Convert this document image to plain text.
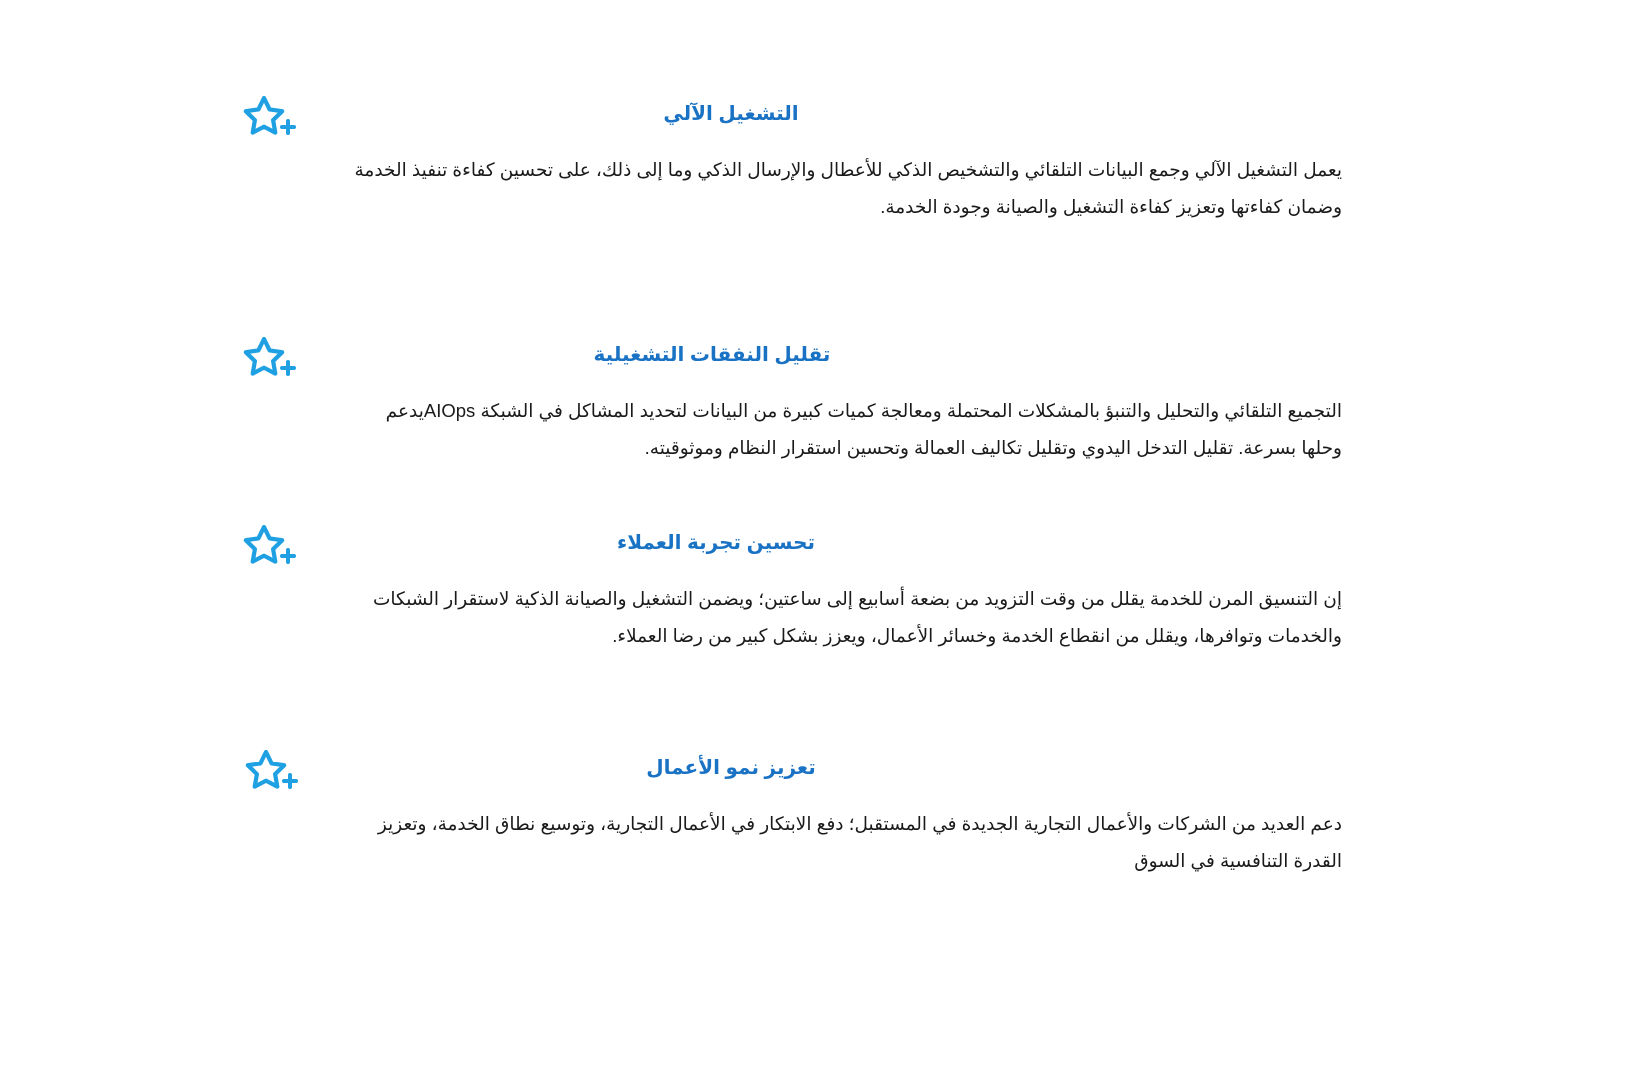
التشغيل الآلي
يعمل التشغيل الآلي وجمع البيانات التلقائي والتشخيص الذكي للأعطال والإرسال الذكي وما إلى ذلك، على تحسين كفاءة تنفيذ الخدمة
وضمان كفاءتها وتعزيز كفاءة التشغيل والصيانة وجودة الخدمة.
تقليل النفقات التشغيلية
التجميع التلقائي والتحليل والتنبؤ بالمشكلات المحتملة ومعالجة كميات كبيرة من البيانات لتحديد المشاكل في الشبكة AIOpsيدعم
وحلها بسرعة. تقليل التدخل اليدوي وتقليل تكاليف العمالة وتحسين استقرار النظام وموثوقيته.
تحسين تجربة العملاء
إن التنسيق المرن للخدمة يقلل من وقت التزويد من بضعة أسابيع إلى ساعتين؛ ويضمن التشغيل والصيانة الذكية لاستقرار الشبكات
والخدمات وتوافرها، ويقلل من انقطاع الخدمة وخسائر الأعمال، ويعزز بشكل كبير من رضا العملاء.
تعزيز نمو الأعمال
دعم العديد من الشركات والأعمال التجارية الجديدة في المستقبل؛ دفع الابتكار في الأعمال التجارية، وتوسيع نطاق الخدمة، وتعزيز
القدرة التنافسية في السوق
